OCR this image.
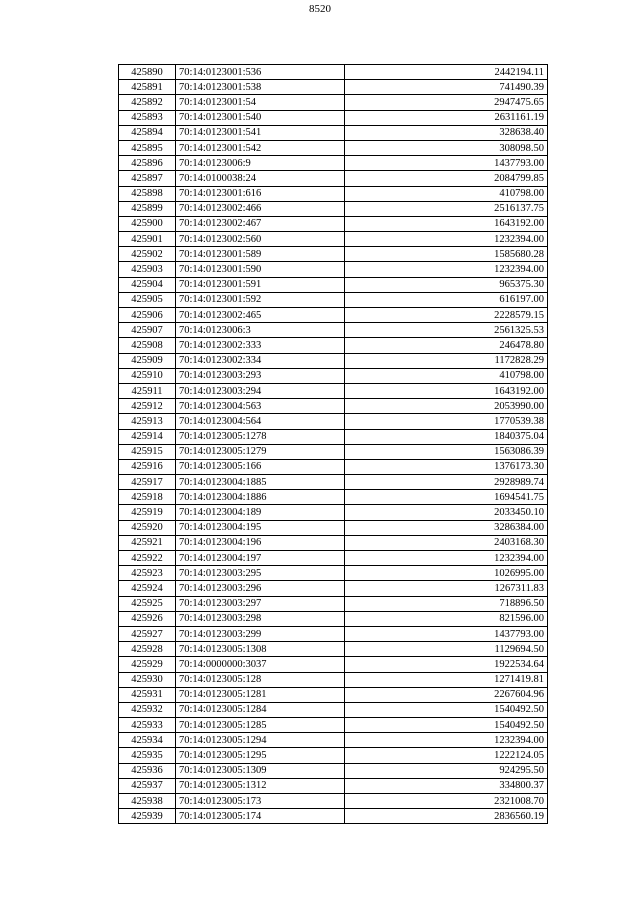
8520
425890	70:14:0123001:536	2442194.11
425891	70:14:0123001:538	741490.39
425892	70:14:0123001:54	2947475.65
425893	70:14:0123001:540	2631161.19
425894	70:14:0123001:541	328638.40
425895	70:14:0123001:542	308098.50
425896	70:14:0123006:9	1437793.00
425897	70:14:0100038:24	2084799.85
425898	70:14:0123001:616	410798.00
425899	70:14:0123002:466	2516137.75
425900	70:14:0123002:467	1643192.00
425901	70:14:0123002:560	1232394.00
425902	70:14:0123001:589	1585680.28
425903	70:14:0123001:590	1232394.00
425904	70:14:0123001:591	965375.30
425905	70:14:0123001:592	616197.00
425906	70:14:0123002:465	2228579.15
425907	70:14:0123006:3	2561325.53
425908	70:14:0123002:333	246478.80
425909	70:14:0123002:334	1172828.29
425910	70:14:0123003:293	410798.00
425911	70:14:0123003:294	1643192.00
425912	70:14:0123004:563	2053990.00
425913	70:14:0123004:564	1770539.38
425914	70:14:0123005:1278	1840375.04
425915	70:14:0123005:1279	1563086.39
425916	70:14:0123005:166	1376173.30
425917	70:14:0123004:1885	2928989.74
425918	70:14:0123004:1886	1694541.75
425919	70:14:0123004:189	2033450.10
425920	70:14:0123004:195	3286384.00
425921	70:14:0123004:196	2403168.30
425922	70:14:0123004:197	1232394.00
425923	70:14:0123003:295	1026995.00
425924	70:14:0123003:296	1267311.83
425925	70:14:0123003:297	718896.50
425926	70:14:0123003:298	821596.00
425927	70:14:0123003:299	1437793.00
425928	70:14:0123005:1308	1129694.50
425929	70:14:0000000:3037	1922534.64
425930	70:14:0123005:128	1271419.81
425931	70:14:0123005:1281	2267604.96
425932	70:14:0123005:1284	1540492.50
425933	70:14:0123005:1285	1540492.50
425934	70:14:0123005:1294	1232394.00
425935	70:14:0123005:1295	1222124.05
425936	70:14:0123005:1309	924295.50
425937	70:14:0123005:1312	334800.37
425938	70:14:0123005:173	2321008.70
425939	70:14:0123005:174	2836560.19
